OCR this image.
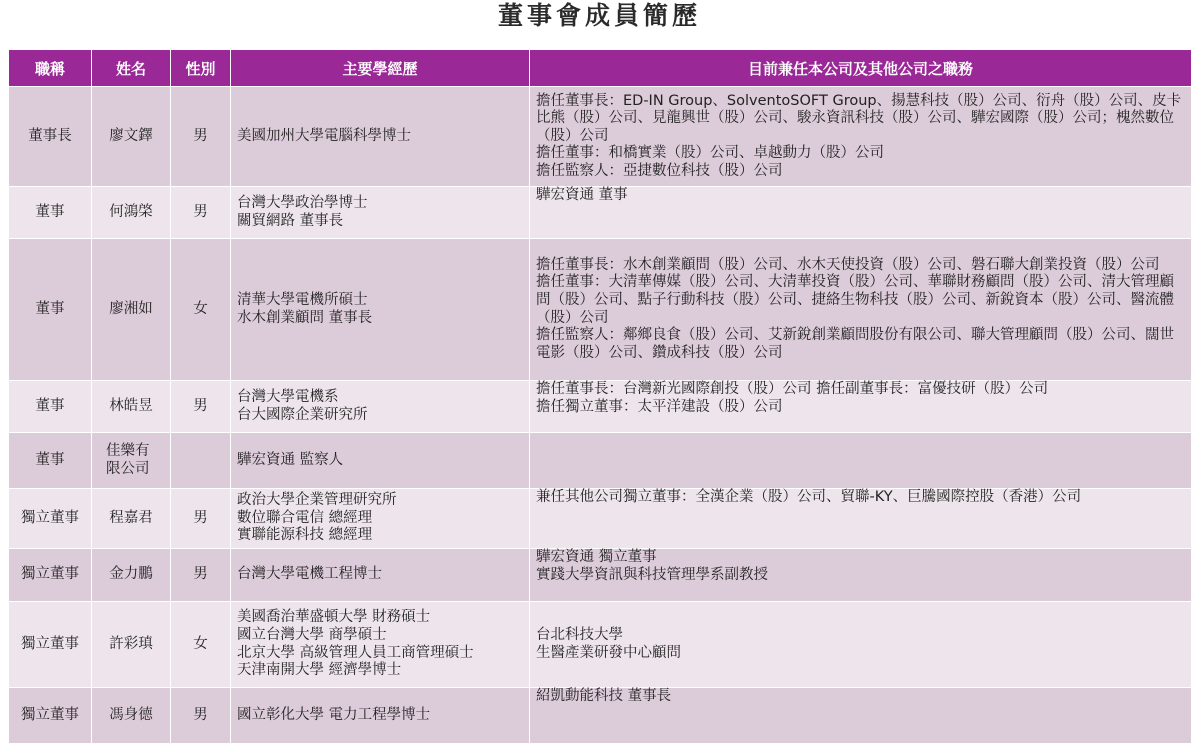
董事會成員簡歷
職稱	姓名	性別	主要學經歷	目前兼任本公司及其他公司之職務
董事長	廖文鐸	男	美國加州大學電腦科學博士	擔任董事長：ED-IN Group、SolventoSOFT Group、揚慧科技（股）公司、衍舟（股）公司、皮卡比熊（股）公司、見龍興世（股）公司、駿永資訊科技（股）公司、驊宏國際（股）公司；槐然數位（股）公司
擔任董事：和橋實業（股）公司、卓越動力（股）公司
擔任監察人：亞捷數位科技（股）公司

董事	何鴻棨	男	台灣大學政治學博士
關貿網路 董事長	驊宏資通 董事

董事	廖湘如	女	清華大學電機所碩士
水木創業顧問 董事長	擔任董事長：水木創業顧問（股）公司、水木天使投資（股）公司、磐石聯大創業投資（股）公司
擔任董事：大清華傳媒（股）公司、大清華投資（股）公司、華聯財務顧問（股）公司、清大管理顧問（股）公司、點子行動科技（股）公司、捷絡生物科技（股）公司、新銳資本（股）公司、醫流體（股）公司
擔任監察人：鄰鄉良食（股）公司、艾新銳創業顧問股份有限公司、聯大管理顧問（股）公司、闊世電影（股）公司、鑽成科技（股）公司

董事	林皓昱	男	台灣大學電機系
台大國際企業研究所	擔任董事長：台灣新光國際創投（股）公司 擔任副董事長：富優技研（股）公司
擔任獨立董事：太平洋建設（股）公司

董事	佳樂有限公司		驊宏資通 監察人	

獨立董事	程嘉君	男	政治大學企業管理研究所
數位聯合電信 總經理
實聯能源科技 總經理	兼任其他公司獨立董事：全漢企業（股）公司、貿聯-KY、巨騰國際控股（香港）公司

獨立董事	金力鵬	男	台灣大學電機工程博士	驊宏資通 獨立董事
實踐大學資訊與科技管理學系副教授

獨立董事	許彩瑱	女	美國喬治華盛頓大學 財務碩士
國立台灣大學 商學碩士
北京大學 高級管理人員工商管理碩士
天津南開大學 經濟學博士	台北科技大學
生醫產業研發中心顧問

獨立董事	馮身德	男	國立彰化大學 電力工程學博士	紹凱動能科技 董事長
